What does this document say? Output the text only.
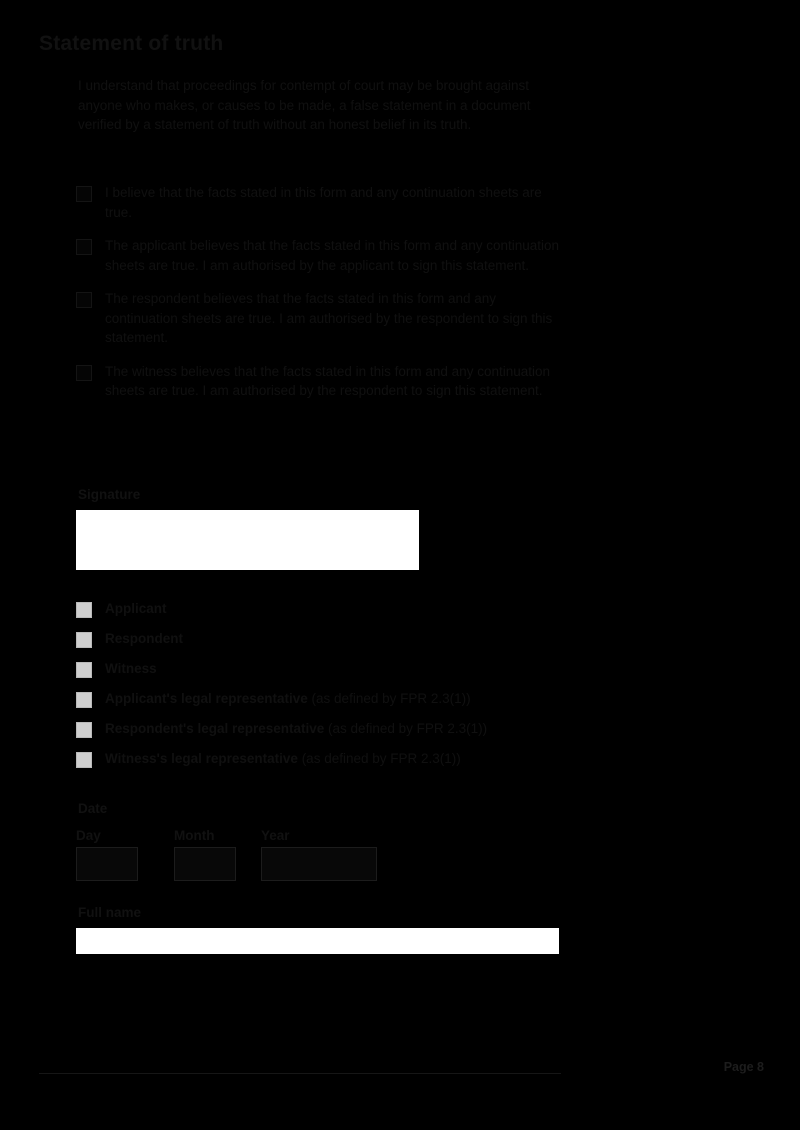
Statement of truth
I understand that proceedings for contempt of court may be brought against anyone who makes, or causes to be made, a false statement in a document verified by a statement of truth without an honest belief in its truth.
I believe that the facts stated in this form and any continuation sheets are true.
The applicant believes that the facts stated in this form and any continuation sheets are true. I am authorised by the applicant to sign this statement.
The respondent believes that the facts stated in this form and any continuation sheets are true. I am authorised by the respondent to sign this statement.
The witness believes that the facts stated in this form and any continuation sheets are true. I am authorised by the respondent to sign this statement.
Signature
Applicant
Respondent
Witness
Applicant's legal representative (as defined by FPR 2.3(1))
Respondent's legal representative (as defined by FPR 2.3(1))
Witness's legal representative (as defined by FPR 2.3(1))
Date
Day	Month	Year
Full name
Page 8
